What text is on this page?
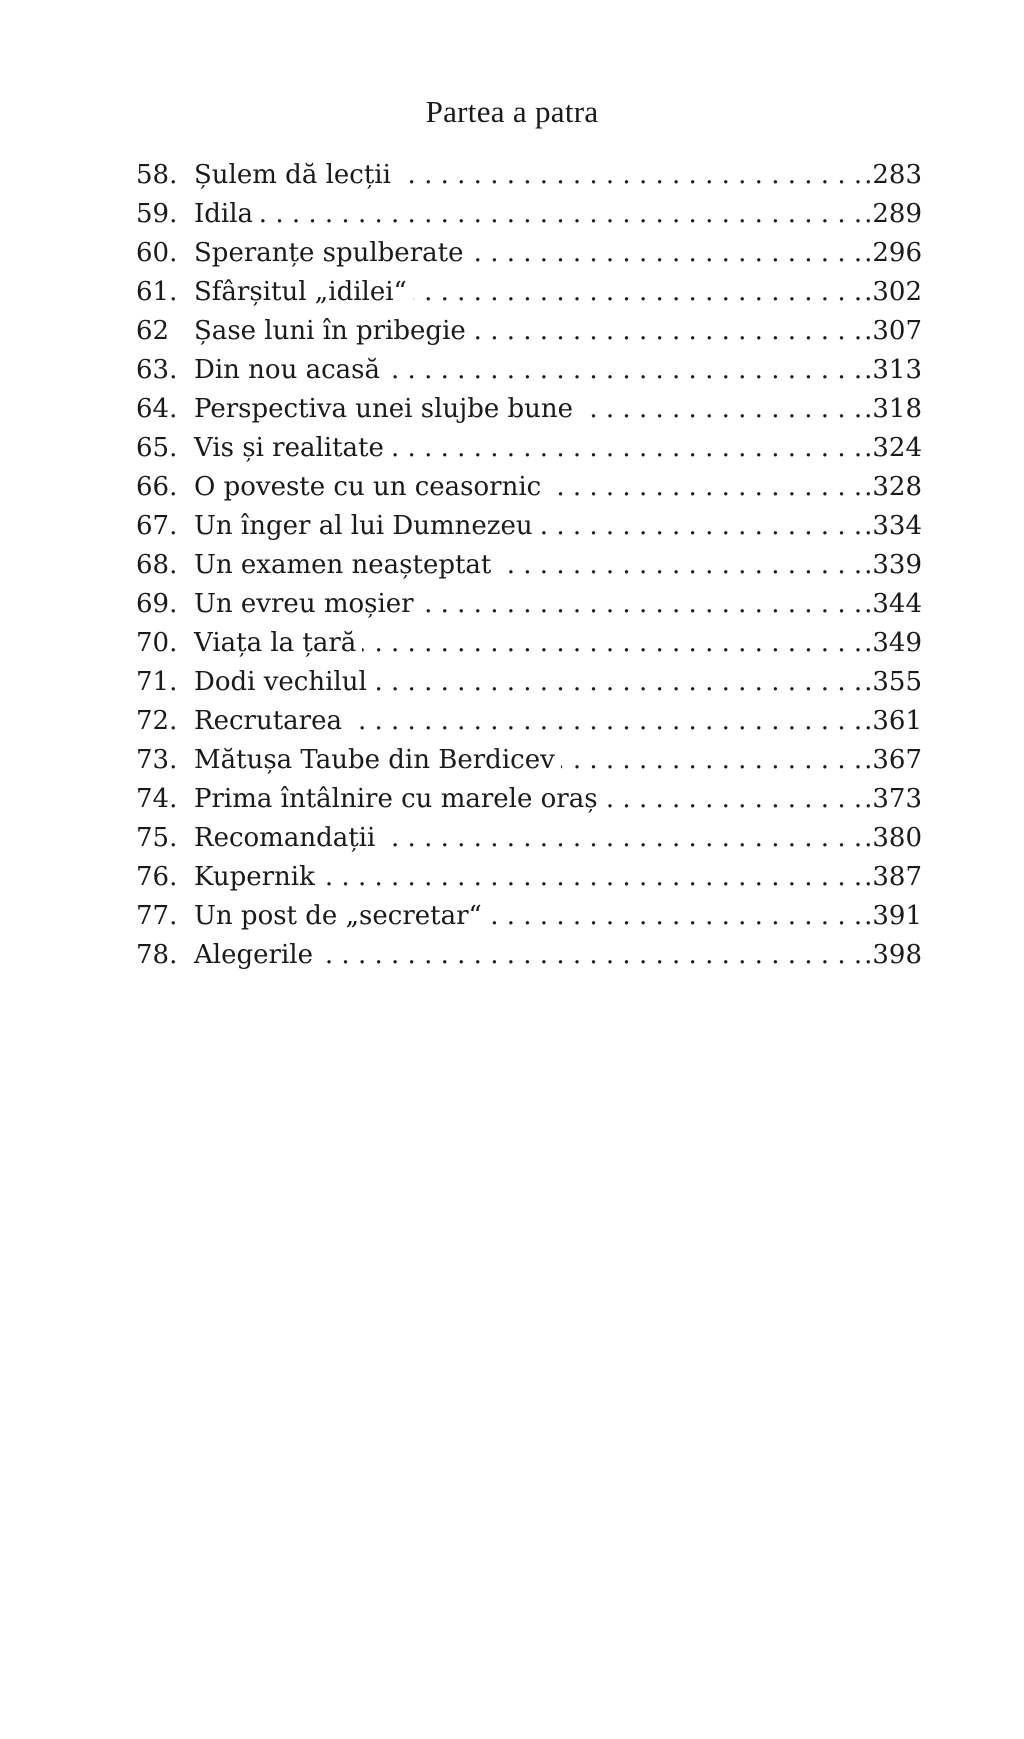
Partea a patra
58. Șulem dă lecții . . .	.283
59. Idila . . .	.289
60. Speranțe spulberate . . .	.296
61. Sfârșitul „idilei“ . . .	.302
62 Șase luni în pribegie . . .	.307
63. Din nou acasă . . .	.313
64. Perspectiva unei slujbe bune . . .	.318
65. Vis și realitate . . .	.324
66. O poveste cu un ceasornic . . .	.328
67. Un înger al lui Dumnezeu . . .	.334
68. Un examen neașteptat . . .	.339
69. Un evreu moșier . . .	.344
70. Viața la țară . . .	.349
71. Dodi vechilul . . .	.355
72. Recrutarea . . .	.361
73. Mătușa Taube din Berdicev . . .	.367
74. Prima întâlnire cu marele oraș . . .	.373
75. Recomandații . . .	.380
76. Kupernik . . .	.387
77. Un post de „secretar“ . . .	.391
78. Alegerile . . .	.398
